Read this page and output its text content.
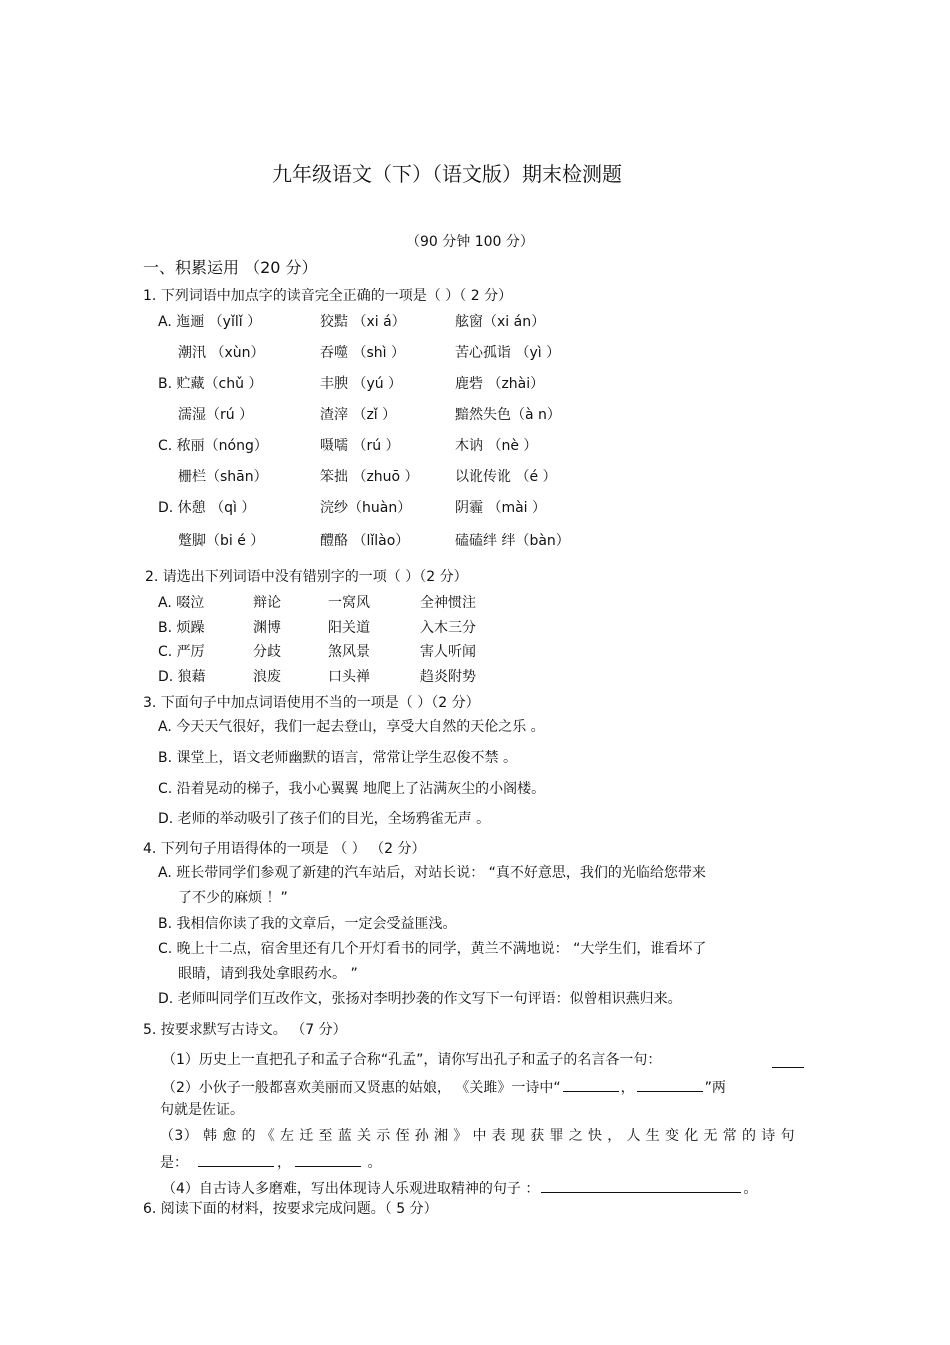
九年级语文（下）（语文版）期末检测题
（90 分钟 100 分）
一、积累运用 （20 分）
1. 下列词语中加点字的读音完全正确的一项是（ ）（ 2 分）
A. 迤逦 （yǐlǐ ）	狡黠 （xi á）	舷窗（xi án）
潮汛 （xùn）	吞噬 （shì ）	苦心孤诣 （yì ）
B. 贮藏（chǔ ）	丰腴 （yú ）	鹿砦 （zhài）
濡湿（rú ）	渣滓 （zǐ ）	黯然失色（à n）
C. 秾丽（nóng）	嗫嚅 （rú ）	木讷 （nè ）
栅栏（shān）	笨拙 （zhuō ）	以讹传讹 （é ）
D. 休憩 （qì ）	浣纱（huàn）	阴霾 （mài ）
蹩脚（bi é ）	醴酪 （lǐlào）	磕磕绊 绊（bàn）
2. 请选出下列词语中没有错别字的一项（ ）（2 分）
A. 啜泣	辩论	一窝风	全神惯注
B. 烦躁	渊博	阳关道	入木三分
C. 严厉	分歧	煞风景	害人听闻
D. 狼藉	浪废	口头禅	趋炎附势
3. 下面句子中加点词语使用不当的一项是（ ）（2 分）
A. 今天天气很好，我们一起去登山，享受大自然的天伦之乐 。
B. 课堂上，语文老师幽默的语言，常常让学生忍俊不禁 。
C. 沿着晃动的梯子，我小心翼翼 地爬上了沾满灰尘的小阁楼。
D. 老师的举动吸引了孩子们的目光，全场鸦雀无声 。
4. 下列句子用语得体的一项是 （ ） （2 分）
A. 班长带同学们参观了新建的汽车站后，对站长说： “真不好意思，我们的光临给您带来
了不少的麻烦 ！”
B. 我相信你读了我的文章后，一定会受益匪浅。
C. 晚上十二点，宿舍里还有几个开灯看书的同学，黄兰不满地说： “大学生们，谁看坏了
眼睛，请到我处拿眼药水。 ”
D. 老师叫同学们互改作文，张扬对李明抄袭的作文写下一句评语：似曾相识燕归来。
5. 按要求默写古诗文。 （7 分）
（1）历史上一直把孔子和孟子合称“孔孟”，请你写出孔子和孟子的名言各一句：
（2）小伙子一般都喜欢美丽而又贤惠的姑娘， 《关雎》一诗中“	，	”两
句就是佐证。
（3） 韩 愈 的 《 左 迁 至 蓝 关 示 侄 孙 湘 》 中 表 现 获 罪 之 快 ， 人 生 变 化 无 常 的 诗 句
是：	，	。
（4）自古诗人多磨难，写出体现诗人乐观进取精神的句子 ：	。
6. 阅读下面的材料，按要求完成问题。（ 5 分）
